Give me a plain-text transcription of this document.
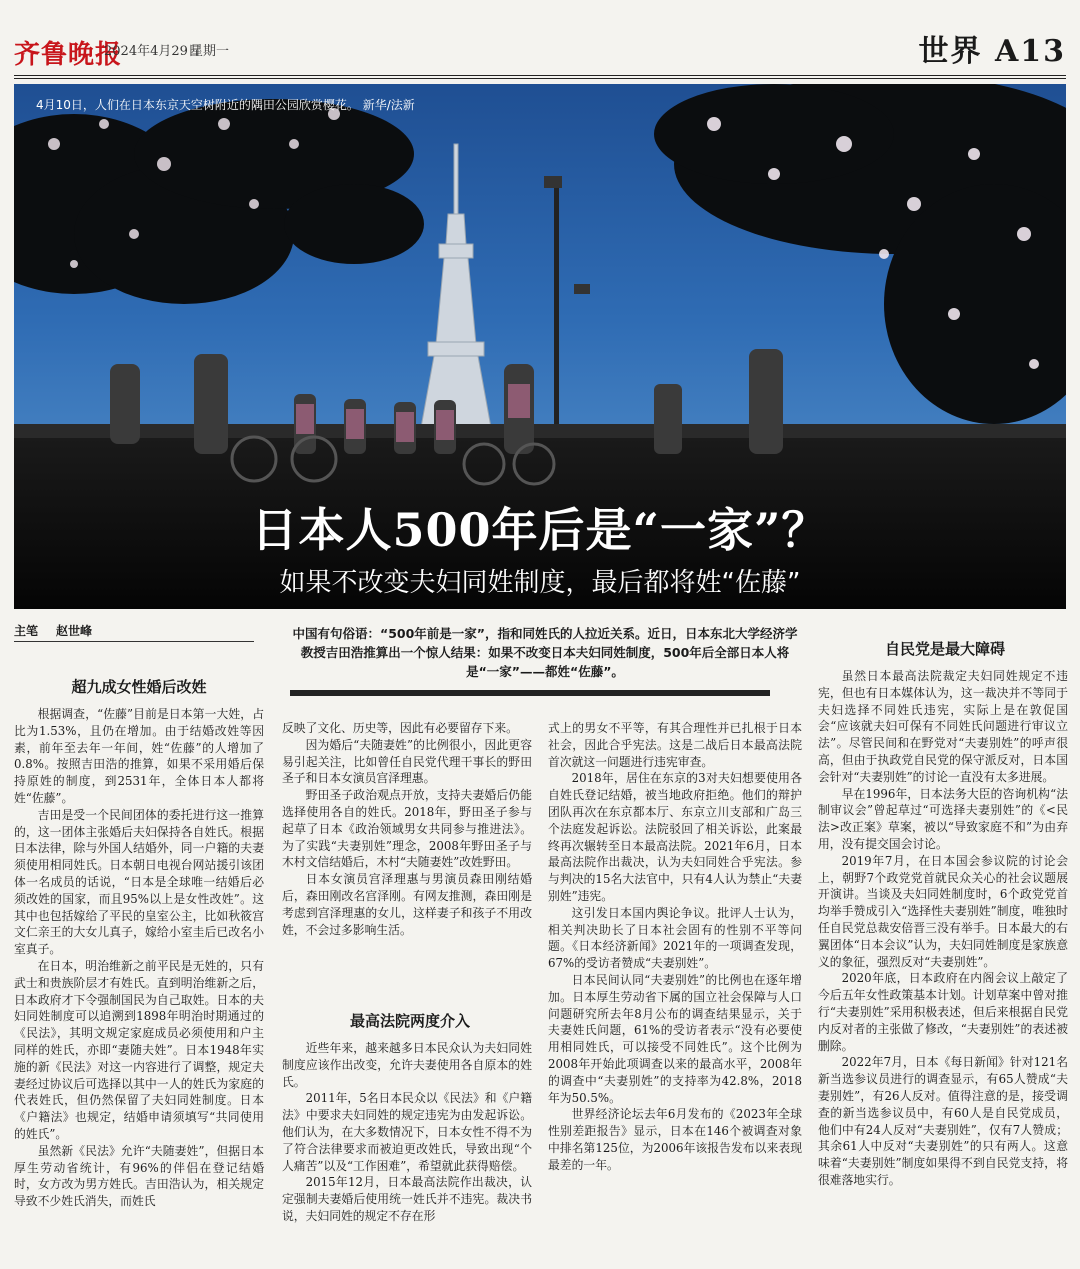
齐鲁晚报
2024年4月29日
星期一	世界 A13
4月10日，人们在日本东京天空树附近的隅田公园欣赏樱花。 新华/法新
日本人500年后是“一家”？
如果不改变夫妇同姓制度，最后都将姓“佐藤”
主笔 赵世峰	中国有句俗语：“500年前是一家”，指和同姓氏的人拉近关系。近日，日本东北大学经济学教授吉田浩推算出一个惊人结果：如果不改变日本夫妇同姓制度，500年后全部日本人将是“一家”——都姓“佐藤”。
超九成女性婚后改姓
最高法院两度介入
自民党是最大障碍

根据调查，“佐藤”目前是日本第一大姓，占比为1.53%，且仍在增加。由于结婚改姓等因素，前年至去年一年间，姓“佐藤”的人增加了0.8%。按照吉田浩的推算，如果不采用婚后保持原姓的制度，到2531年，全体日本人都将姓“佐藤”。

吉田是受一个民间团体的委托进行这一推算的，这一团体主张婚后夫妇保持各自姓氏。根据日本法律，除与外国人结婚外，同一户籍的夫妻须使用相同姓氏。日本朝日电视台网站援引该团体一名成员的话说，“日本是全球唯一结婚后必须改姓的国家，而且95%以上是女性改姓”。这其中也包括嫁给了平民的皇室公主，比如秋筱宫文仁亲王的大女儿真子，嫁给小室圭后已改名小室真子。

在日本，明治维新之前平民是无姓的，只有武士和贵族阶层才有姓氏。直到明治维新之后，日本政府才下令强制国民为自己取姓。日本的夫妇同姓制度可以追溯到1898年明治时期通过的《民法》，其明文规定家庭成员必须使用和户主同样的姓氏，亦即“妻随夫姓”。日本1948年实施的新《民法》对这一内容进行了调整，规定夫妻经过协议后可选择以其中一人的姓氏为家庭的代表姓氏，但仍然保留了夫妇同姓制度。日本《户籍法》也规定，结婚申请须填写“共同使用的姓氏”。

虽然新《民法》允许“夫随妻姓”，但据日本厚生劳动省统计，有96%的伴侣在登记结婚时，女方改为男方姓氏。吉田浩认为，相关规定导致不少姓氏消失，而姓氏

反映了文化、历史等，因此有必要留存下来。

因为婚后“夫随妻姓”的比例很小，因此更容易引起关注，比如曾任自民党代理干事长的野田圣子和日本女演员宫泽理惠。

野田圣子政治观点开放，支持夫妻婚后仍能选择使用各自的姓氏。2018年，野田圣子参与起草了日本《政治领域男女共同参与推进法》。为了实践“夫妻别姓”理念，2008年野田圣子与木村文信结婚后，木村“夫随妻姓”改姓野田。

日本女演员宫泽理惠与男演员森田刚结婚后，森田刚改名宫泽刚。有网友推测，森田刚是考虑到宫泽理惠的女儿，这样妻子和孩子不用改姓，不会过多影响生活。

近些年来，越来越多日本民众认为夫妇同姓制度应该作出改变，允许夫妻使用各自原本的姓氏。

2011年，5名日本民众以《民法》和《户籍法》中要求夫妇同姓的规定违宪为由发起诉讼。他们认为，在大多数情况下，日本女性不得不为了符合法律要求而被迫更改姓氏，导致出现“个人痛苦”以及“工作困难”，希望就此获得赔偿。

2015年12月，日本最高法院作出裁决，认定强制夫妻婚后使用统一姓氏并不违宪。裁决书说，夫妇同姓的规定不存在形

式上的男女不平等，有其合理性并已扎根于日本社会，因此合乎宪法。这是二战后日本最高法院首次就这一问题进行违宪审查。

2018年，居住在东京的3对夫妇想要使用各自姓氏登记结婚，被当地政府拒绝。他们的辩护团队再次在东京都本厅、东京立川支部和广岛三个法庭发起诉讼。法院驳回了相关诉讼，此案最终再次辗转至日本最高法院。2021年6月，日本最高法院作出裁决，认为夫妇同姓合乎宪法。参与判决的15名大法官中，只有4人认为禁止“夫妻别姓”违宪。

这引发日本国内舆论争议。批评人士认为，相关判决助长了日本社会固有的性别不平等问题。《日本经济新闻》2021年的一项调查发现，67%的受访者赞成“夫妻别姓”。

日本民间认同“夫妻别姓”的比例也在逐年增加。日本厚生劳动省下属的国立社会保障与人口问题研究所去年8月公布的调查结果显示，关于夫妻姓氏问题，61%的受访者表示“没有必要使用相同姓氏，可以接受不同姓氏”。这个比例为2008年开始此项调查以来的最高水平，2008年的调查中“夫妻别姓”的支持率为42.8%，2018年为50.5%。

世界经济论坛去年6月发布的《2023年全球性别差距报告》显示，日本在146个被调查对象中排名第125位，为2006年该报告发布以来表现最差的一年。

虽然日本最高法院裁定夫妇同姓规定不违宪，但也有日本媒体认为，这一裁决并不等同于夫妇选择不同姓氏违宪，实际上是在敦促国会“应该就夫妇可保有不同姓氏问题进行审议立法”。尽管民间和在野党对“夫妻别姓”的呼声很高，但由于执政党自民党的保守派反对，日本国会针对“夫妻别姓”的讨论一直没有太多进展。

早在1996年，日本法务大臣的咨询机构“法制审议会”曾起草过“可选择夫妻别姓”的《<民法>改正案》草案，被以“导致家庭不和”为由弃用，没有提交国会讨论。

2019年7月，在日本国会参议院的讨论会上，朝野7个政党党首就民众关心的社会议题展开演讲。当谈及夫妇同姓制度时，6个政党党首均举手赞成引入“选择性夫妻别姓”制度，唯独时任自民党总裁安倍晋三没有举手。日本最大的右翼团体“日本会议”认为，夫妇同姓制度是家族意义的象征，强烈反对“夫妻别姓”。

2020年底，日本政府在内阁会议上敲定了今后五年女性政策基本计划。计划草案中曾对推行“夫妻别姓”采用积极表述，但后来根据自民党内反对者的主张做了修改，“夫妻别姓”的表述被删除。

2022年7月，日本《每日新闻》针对121名新当选参议员进行的调查显示，有65人赞成“夫妻别姓”，有26人反对。值得注意的是，接受调查的新当选参议员中，有60人是自民党成员，他们中有24人反对“夫妻别姓”，仅有7人赞成；其余61人中反对“夫妻别姓”的只有两人。这意味着“夫妻别姓”制度如果得不到自民党支持，将很难落地实行。
